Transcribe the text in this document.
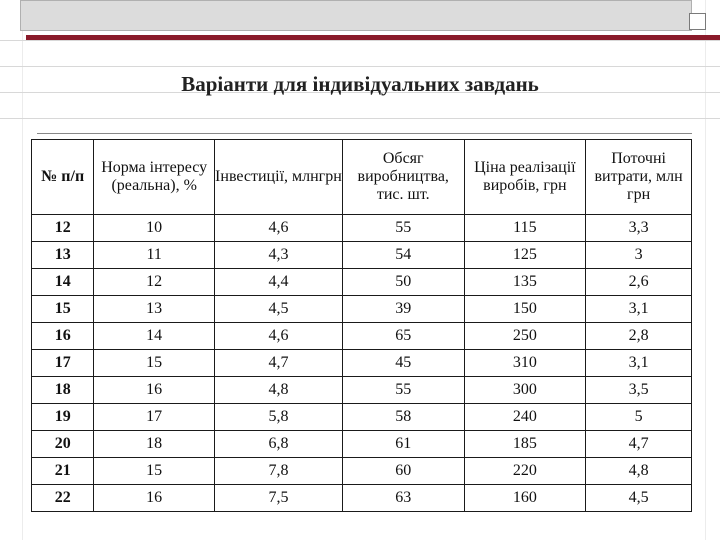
Варіанти для індивідуальних завдань
№ п/п	Норма інтересу (реальна), %	Інвестиції, млнгрн	Обсяг виробництва, тис. шт.	Ціна реалізації виробів, грн	Поточні витрати, млн грн
12	10	4,6	55	115	3,3
13	11	4,3	54	125	3
14	12	4,4	50	135	2,6
15	13	4,5	39	150	3,1
16	14	4,6	65	250	2,8
17	15	4,7	45	310	3,1
18	16	4,8	55	300	3,5
19	17	5,8	58	240	5
20	18	6,8	61	185	4,7
21	15	7,8	60	220	4,8
22	16	7,5	63	160	4,5
